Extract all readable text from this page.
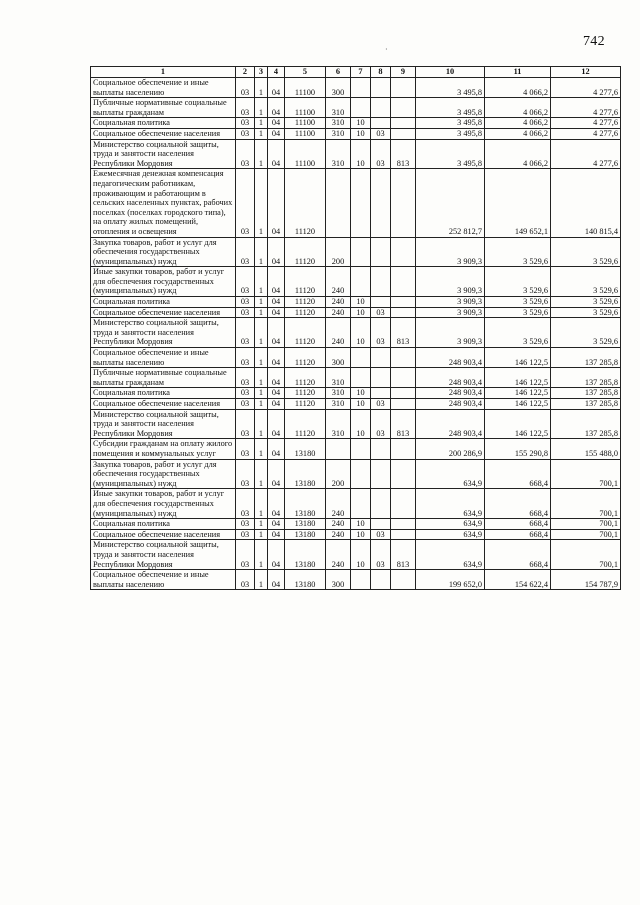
742
1	2	3	4	5	6	7	8	9	10	11	12
Социальное обеспечение и иные выплаты населению	03	1	04	11100	300				3 495,8	4 066,2	4 277,6
Публичные нормативные социальные выплаты гражданам	03	1	04	11100	310				3 495,8	4 066,2	4 277,6
Социальная политика	03	1	04	11100	310	10			3 495,8	4 066,2	4 277,6
Социальное обеспечение населения	03	1	04	11100	310	10	03		3 495,8	4 066,2	4 277,6
Министерство социальной защиты, труда и занятости населения Республики Мордовия	03	1	04	11100	310	10	03	813	3 495,8	4 066,2	4 277,6
Ежемесячная денежная компенсация педагогическим работникам, проживающим и работающим в сельских населенных пунктах, рабочих поселках (поселках городского типа), на оплату жилых помещений, отопления и освещения	03	1	04	11120					252 812,7	149 652,1	140 815,4
Закупка товаров, работ и услуг для обеспечения государственных (муниципальных) нужд	03	1	04	11120	200				3 909,3	3 529,6	3 529,6
Иные закупки товаров, работ и услуг для обеспечения государственных (муниципальных) нужд	03	1	04	11120	240				3 909,3	3 529,6	3 529,6
Социальная политика	03	1	04	11120	240	10			3 909,3	3 529,6	3 529,6
Социальное обеспечение населения	03	1	04	11120	240	10	03		3 909,3	3 529,6	3 529,6
Министерство социальной защиты, труда и занятости населения Республики Мордовия	03	1	04	11120	240	10	03	813	3 909,3	3 529,6	3 529,6
Социальное обеспечение и иные выплаты населению	03	1	04	11120	300				248 903,4	146 122,5	137 285,8
Публичные нормативные социальные выплаты гражданам	03	1	04	11120	310				248 903,4	146 122,5	137 285,8
Социальная политика	03	1	04	11120	310	10			248 903,4	146 122,5	137 285,8
Социальное обеспечение населения	03	1	04	11120	310	10	03		248 903,4	146 122,5	137 285,8
Министерство социальной защиты, труда и занятости населения Республики Мордовия	03	1	04	11120	310	10	03	813	248 903,4	146 122,5	137 285,8
Субсидии гражданам на оплату жилого помещения и коммунальных услуг	03	1	04	13180					200 286,9	155 290,8	155 488,0
Закупка товаров, работ и услуг для обеспечения государственных (муниципальных) нужд	03	1	04	13180	200				634,9	668,4	700,1
Иные закупки товаров, работ и услуг для обеспечения государственных (муниципальных) нужд	03	1	04	13180	240				634,9	668,4	700,1
Социальная политика	03	1	04	13180	240	10			634,9	668,4	700,1
Социальное обеспечение населения	03	1	04	13180	240	10	03		634,9	668,4	700,1
Министерство социальной защиты, труда и занятости населения Республики Мордовия	03	1	04	13180	240	10	03	813	634,9	668,4	700,1
Социальное обеспечение и иные выплаты населению	03	1	04	13180	300				199 652,0	154 622,4	154 787,9
·
